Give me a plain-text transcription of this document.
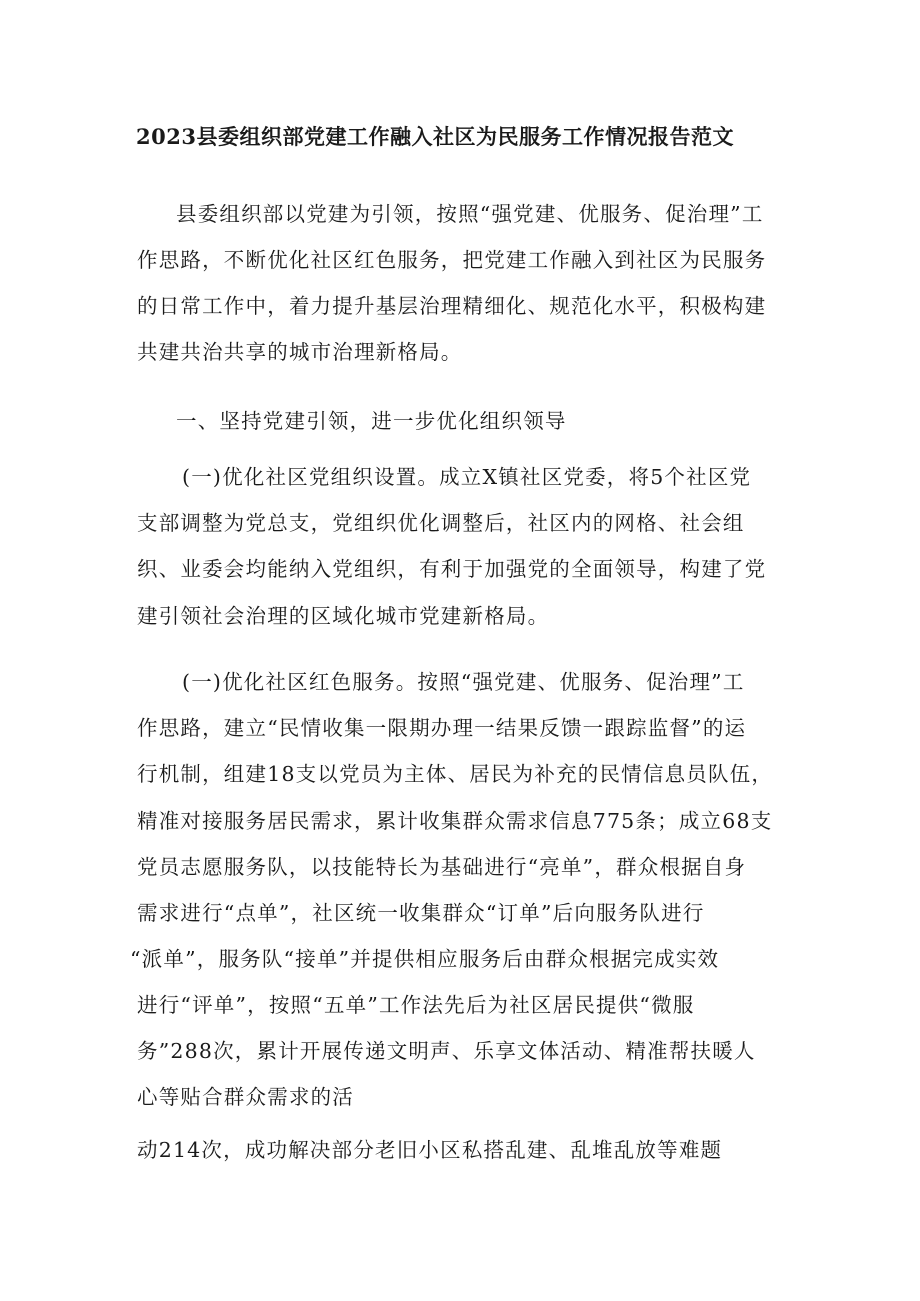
2023县委组织部党建工作融入社区为民服务工作情况报告范文
县委组织部以党建为引领，按照“强党建、优服务、促治理”工
作思路，不断优化社区红色服务，把党建工作融入到社区为民服务
的日常工作中，着力提升基层治理精细化、规范化水平，积极构建
共建共治共享的城市治理新格局。
一、坚持党建引领，进一步优化组织领导
(一)优化社区党组织设置。成立X镇社区党委，将5个社区党
支部调整为党总支，党组织优化调整后，社区内的网格、社会组
织、业委会均能纳入党组织，有利于加强党的全面领导，构建了党
建引领社会治理的区域化城市党建新格局。
(一)优化社区红色服务。按照“强党建、优服务、促治理”工
作思路，建立“民情收集一限期办理一结果反馈一跟踪监督”的运
行机制，组建18支以党员为主体、居民为补充的民情信息员队伍，
精准对接服务居民需求，累计收集群众需求信息775条；成立68支
党员志愿服务队，以技能特长为基础进行“亮单”，群众根据自身
需求进行“点单”，社区统一收集群众“订单”后向服务队进行
“派单”，服务队“接单”并提供相应服务后由群众根据完成实效
进行“评单”，按照“五单”工作法先后为社区居民提供“微服
务”288次，累计开展传递文明声、乐享文体活动、精准帮扶暖人
心等贴合群众需求的活
动214次，成功解决部分老旧小区私搭乱建、乱堆乱放等难题
